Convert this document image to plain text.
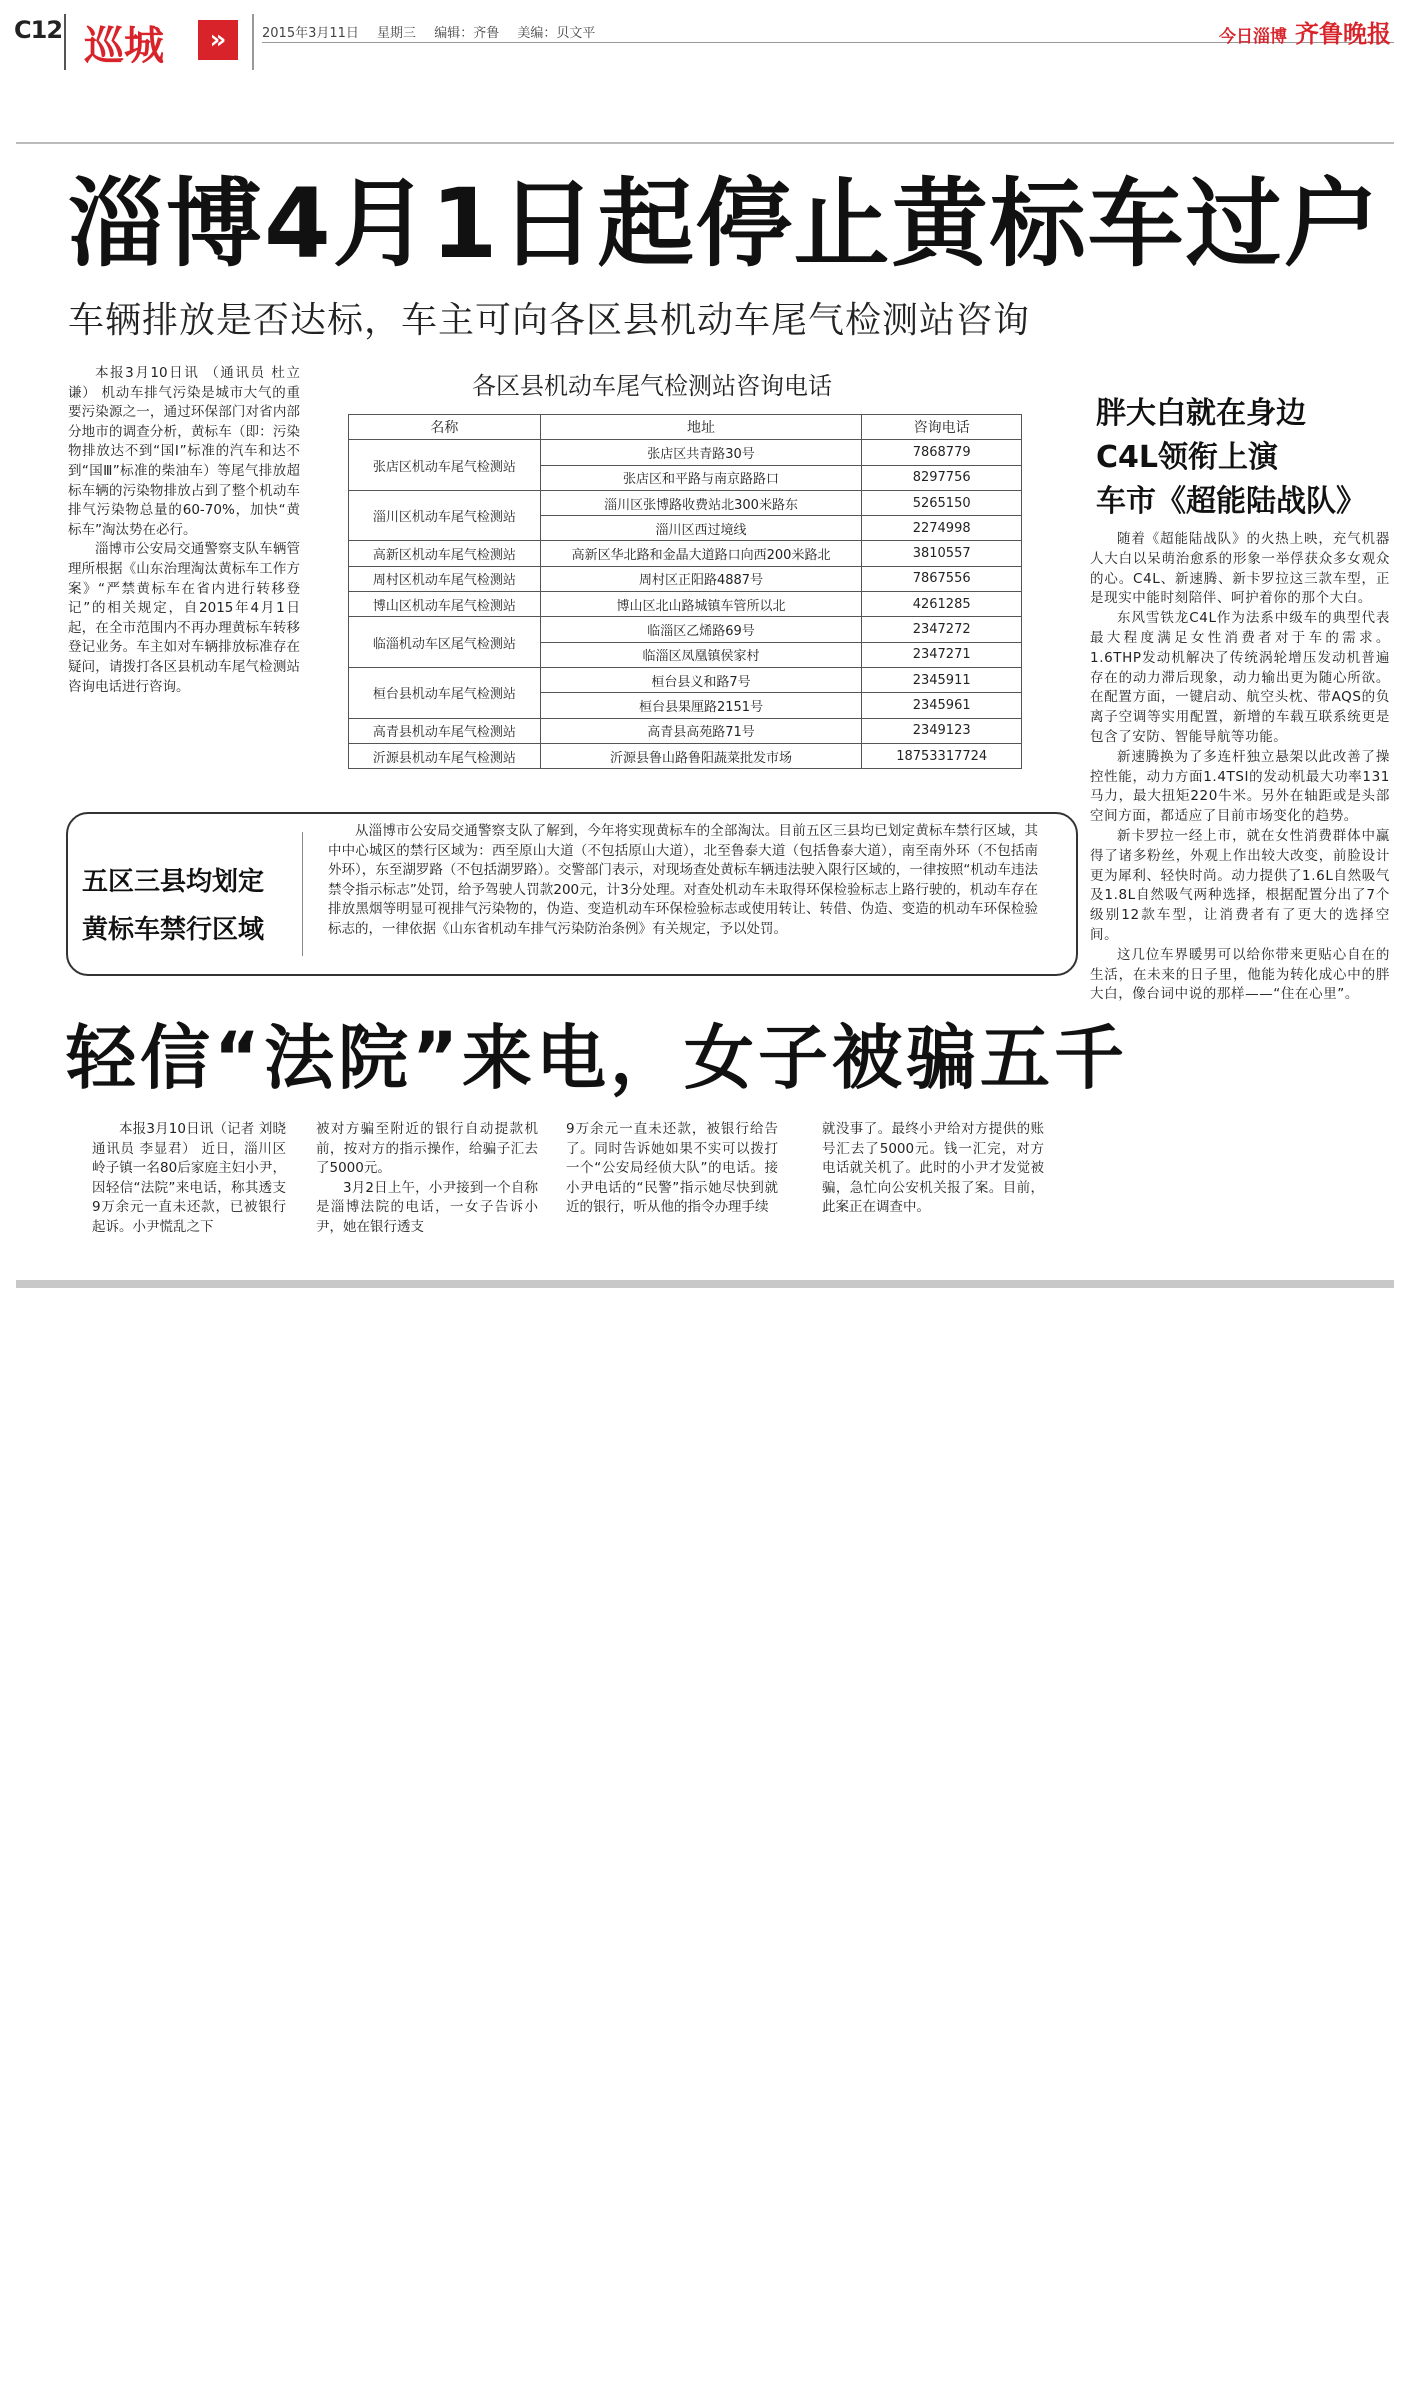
C12 巡城	»	2015年3月11日 星期三 编辑：齐鲁 美编：贝文平	今日淄博 齐鲁晚报
淄博4月1日起停止黄标车过户
车辆排放是否达标，车主可向各区县机动车尾气检测站咨询

本报3月10日讯 （通讯员 杜立谦） 机动车排气污染是城市大气的重要污染源之一，通过环保部门对省内部分地市的调查分析，黄标车（即：污染物排放达不到“国Ⅰ”标准的汽车和达不到“国Ⅲ”标准的柴油车）等尾气排放超标车辆的污染物排放占到了整个机动车排气污染物总量的60-70%，加快“黄标车”淘汰势在必行。

淄博市公安局交通警察支队车辆管理所根据《山东治理淘汰黄标车工作方案》“严禁黄标车在省内进行转移登记”的相关规定，自2015年4月1日起，在全市范围内不再办理黄标车转移登记业务。车主如对车辆排放标准存在疑问，请拨打各区县机动车尾气检测站咨询电话进行咨询。

各区县机动车尾气检测站咨询电话
名称	地址	咨询电话
张店区机动车尾气检测站	张店区共青路30号	7868779
	张店区和平路与南京路路口	8297756
淄川区机动车尾气检测站	淄川区张博路收费站北300米路东	5265150
	淄川区西过境线	2274998
高新区机动车尾气检测站	高新区华北路和金晶大道路口向西200米路北	3810557
周村区机动车尾气检测站	周村区正阳路4887号	7867556
博山区机动车尾气检测站	博山区北山路城镇车管所以北	4261285
临淄机动车区尾气检测站	临淄区乙烯路69号	2347272
	临淄区凤凰镇侯家村	2347271
桓台县机动车尾气检测站	桓台县义和路7号	2345911
	桓台县果厘路2151号	2345961
高青县机动车尾气检测站	高青县高苑路71号	2349123
沂源县机动车尾气检测站	沂源县鲁山路鲁阳蔬菜批发市场	18753317724
胖大白就在身边
C4L领衔上演
车市《超能陆战队》

随着《超能陆战队》的火热上映，充气机器人大白以呆萌治愈系的形象一举俘获众多女观众的心。C4L、新速腾、新卡罗拉这三款车型，正是现实中能时刻陪伴、呵护着你的那个大白。

东风雪铁龙C4L作为法系中级车的典型代表最大程度满足女性消费者对于车的需求。1.6THP发动机解决了传统涡轮增压发动机普遍存在的动力滞后现象，动力输出更为随心所欲。在配置方面，一键启动、航空头枕、带AQS的负离子空调等实用配置，新增的车载互联系统更是包含了安防、智能导航等功能。

新速腾换为了多连杆独立悬架以此改善了操控性能，动力方面1.4TSI的发动机最大功率131马力，最大扭矩220牛米。另外在轴距或是头部空间方面，都适应了目前市场变化的趋势。

新卡罗拉一经上市，就在女性消费群体中赢得了诸多粉丝，外观上作出较大改变，前脸设计更为犀利、轻快时尚。动力提供了1.6L自然吸气及1.8L自然吸气两种选择，根据配置分出了7个级别12款车型，让消费者有了更大的选择空间。

这几位车界暖男可以给你带来更贴心自在的生活，在未来的日子里，他能为转化成心中的胖大白，像台词中说的那样——“住在心里”。

五区三县均划定
黄标车禁行区域

从淄博市公安局交通警察支队了解到，今年将实现黄标车的全部淘汰。目前五区三县均已划定黄标车禁行区域，其中中心城区的禁行区域为：西至原山大道（不包括原山大道），北至鲁泰大道（包括鲁泰大道），南至南外环（不包括南外环），东至湖罗路（不包括湖罗路）。交警部门表示，对现场查处黄标车辆违法驶入限行区域的，一律按照“机动车违法禁令指示标志”处罚，给予驾驶人罚款200元，计3分处理。对查处机动车未取得环保检验标志上路行驶的，机动车存在排放黑烟等明显可视排气污染物的，伪造、变造机动车环保检验标志或使用转让、转借、伪造、变造的机动车环保检验标志的，一律依据《山东省机动车排气污染防治条例》有关规定，予以处罚。

轻信“法院”来电，女子被骗五千

本报3月10日讯（记者 刘晓 通讯员 李显君） 近日，淄川区岭子镇一名80后家庭主妇小尹，因轻信“法院”来电话，称其透支9万余元一直未还款，已被银行起诉。小尹慌乱之下

被对方骗至附近的银行自动提款机前，按对方的指示操作，给骗子汇去了5000元。

3月2日上午，小尹接到一个自称是淄博法院的电话，一女子告诉小尹，她在银行透支

9万余元一直未还款，被银行给告了。同时告诉她如果不实可以拨打一个“公安局经侦大队”的电话。接小尹电话的“民警”指示她尽快到就近的银行，听从他的指令办理手续

就没事了。最终小尹给对方提供的账号汇去了5000元。钱一汇完，对方电话就关机了。此时的小尹才发觉被骗，急忙向公安机关报了案。目前，此案正在调查中。
